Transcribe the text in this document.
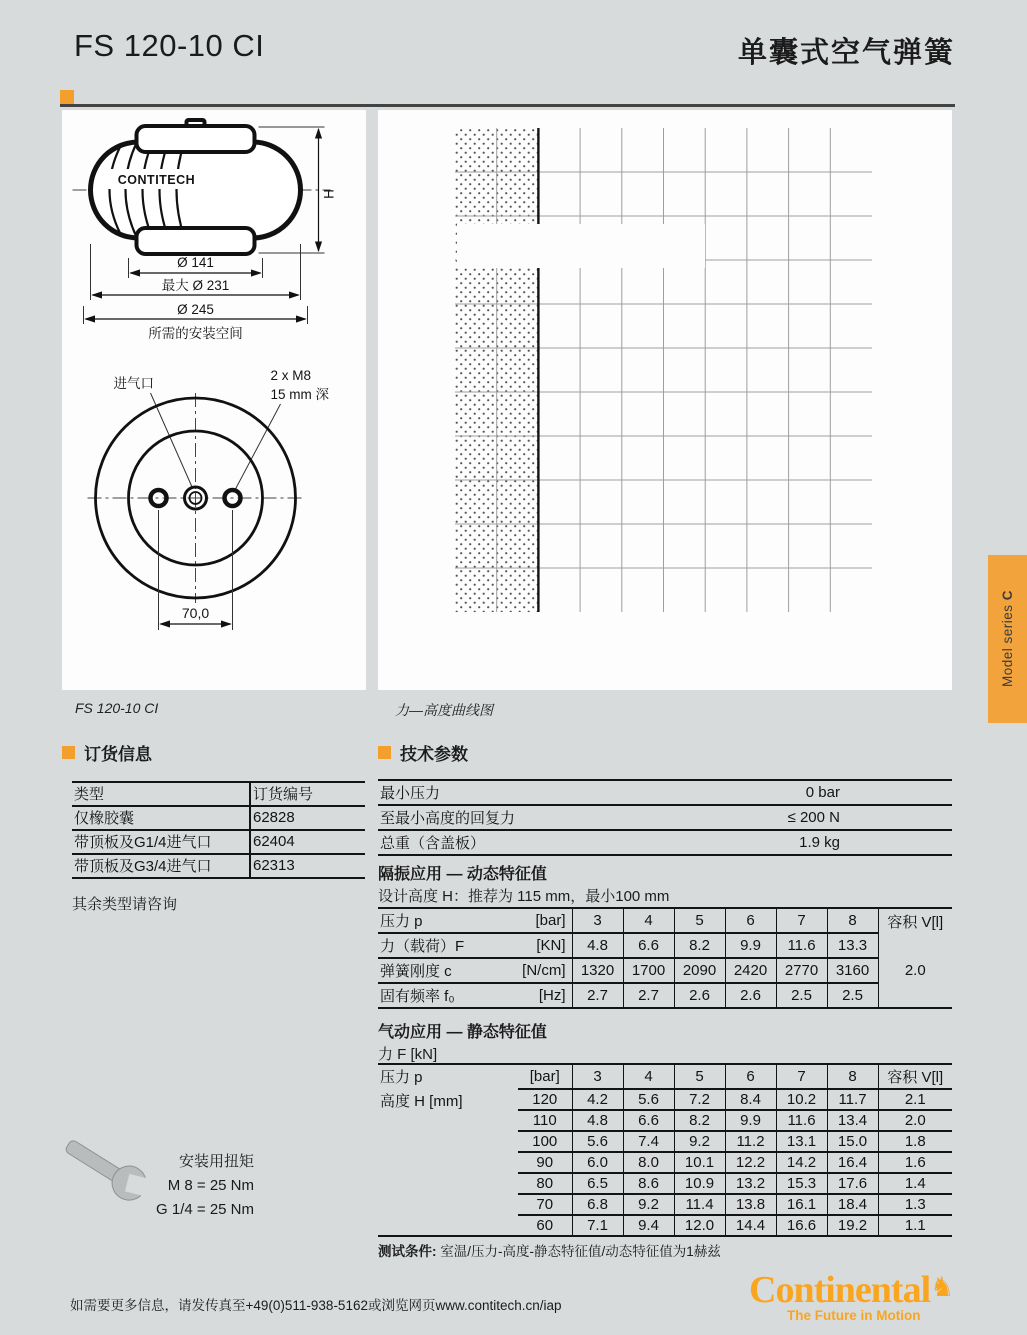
FS 120-10 CI	单囊式空气弹簧
CONTITECH
H
Ø 141
最大 Ø 231
Ø 245
所需的安装空间
进气口
2 x M8
15 mm 深
70,0
FS 120-10 CI	力—高度曲线图
订货信息
类型	订货编号
仅橡胶囊	62828
带顶板及G1/4进气口	62404
带顶板及G3/4进气口	62313
其余类型请咨询
技术参数
最小压力	0 bar
至最小高度的回复力	≤ 200 N
总重（含盖板）	1.9 kg
隔振应用 — 动态特征值
设计高度 H：推荐为 115 mm，最小100 mm
压力 p	[bar]	3	4	5	6	7	8	容积 V[l]
力（载荷）F	[KN]	4.8	6.6	8.2	9.9	11.6	13.3	2.0
弹簧刚度 c	[N/cm]	1320	1700	2090	2420	2770	3160	
固有频率 f₀	[Hz]	2.7	2.7	2.6	2.6	2.5	2.5	
气动应用 — 静态特征值
力 F [kN]
压力 p	[bar]	3	4	5	6	7	8	容积 V[l]
高度 H [mm]	120	4.2	5.6	7.2	8.4	10.2	11.7	2.1
	110	4.8	6.6	8.2	9.9	11.6	13.4	2.0
	100	5.6	7.4	9.2	11.2	13.1	15.0	1.8
	90	6.0	8.0	10.1	12.2	14.2	16.4	1.6
	80	6.5	8.6	10.9	13.2	15.3	17.6	1.4
	70	6.8	9.2	11.4	13.8	16.1	18.4	1.3
	60	7.1	9.4	12.0	14.4	16.6	19.2	1.1
测试条件: 室温/压力-高度-静态特征值/动态特征值为1赫兹
安装用扭矩
M 8 = 25 Nm
G 1/4 = 25 Nm
如需要更多信息，请发传真至+49(0)511-938-5162或浏览网页www.contitech.cn/iap	Continental♞
The Future in Motion
Model series C
